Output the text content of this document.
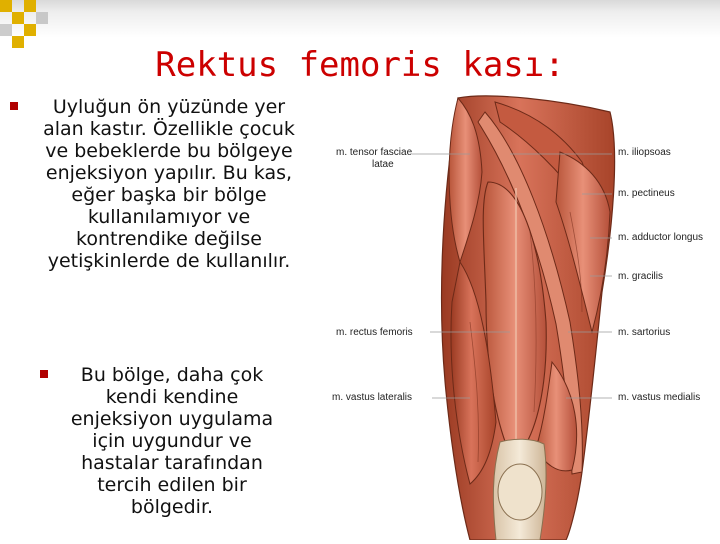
Rektus femoris kası:
Uyluğun ön yüzünde yer alan kastır. Özellikle çocuk ve bebeklerde bu bölgeye enjeksiyon yapılır. Bu kas, eğer başka bir bölge kullanılamıyor ve kontrendike değilse yetişkinlerde de kullanılır.
Bu bölge, daha çok kendi kendine enjeksiyon uygulama için uygundur ve hastalar tarafından tercih edilen bir bölgedir.
m. tensor fasciae
latae
m. rectus femoris
m. vastus lateralis
m. iliopsoas
m. pectineus
m. adductor longus
m. gracilis
m. sartorius
m. vastus medialis
